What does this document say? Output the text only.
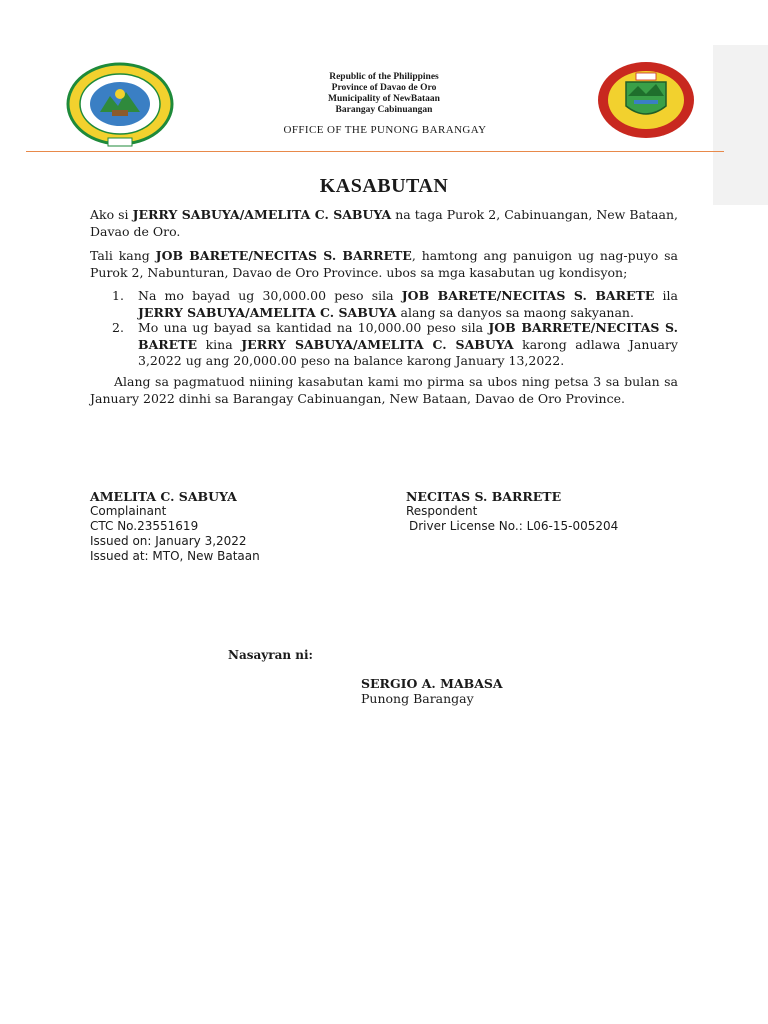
Republic of the Philippines
Province of Davao de Oro
Municipality of NewBataan
Barangay Cabinuangan
OFFICE OF THE PUNONG BARANGAY
KASABUTAN
Ako si JERRY SABUYA/AMELITA C. SABUYA na taga Purok 2, Cabinuangan, New Bataan, Davao de Oro.
Tali kang JOB BARETE/NECITAS S. BARRETE, hamtong ang panuigon ug nag-puyo sa Purok 2, Nabunturan, Davao de Oro Province. ubos sa mga kasabutan ug kondisyon;
1. Na mo bayad ug 30,000.00 peso sila JOB BARETE/NECITAS S. BARETE ila JERRY SABUYA/AMELITA C. SABUYA alang sa danyos sa maong sakyanan.
2. Mo una ug bayad sa kantidad na 10,000.00 peso sila JOB BARRETE/NECITAS S. BARETE kina JERRY SABUYA/AMELITA C. SABUYA karong adlawa January 3,2022 ug ang 20,000.00 peso na balance karong January 13,2022.
Alang sa pagmatuod niining kasabutan kami mo pirma sa ubos ning petsa 3 sa bulan sa January 2022 dinhi sa Barangay Cabinuangan, New Bataan, Davao de Oro Province.
AMELITA C. SABUYA
Complainant
CTC No.23551619
Issued on: January 3,2022
Issued at: MTO, New Bataan
NECITAS S. BARRETE
Respondent
Driver License No.: L06-15-005204
Nasayran ni:
SERGIO A. MABASA
Punong Barangay
